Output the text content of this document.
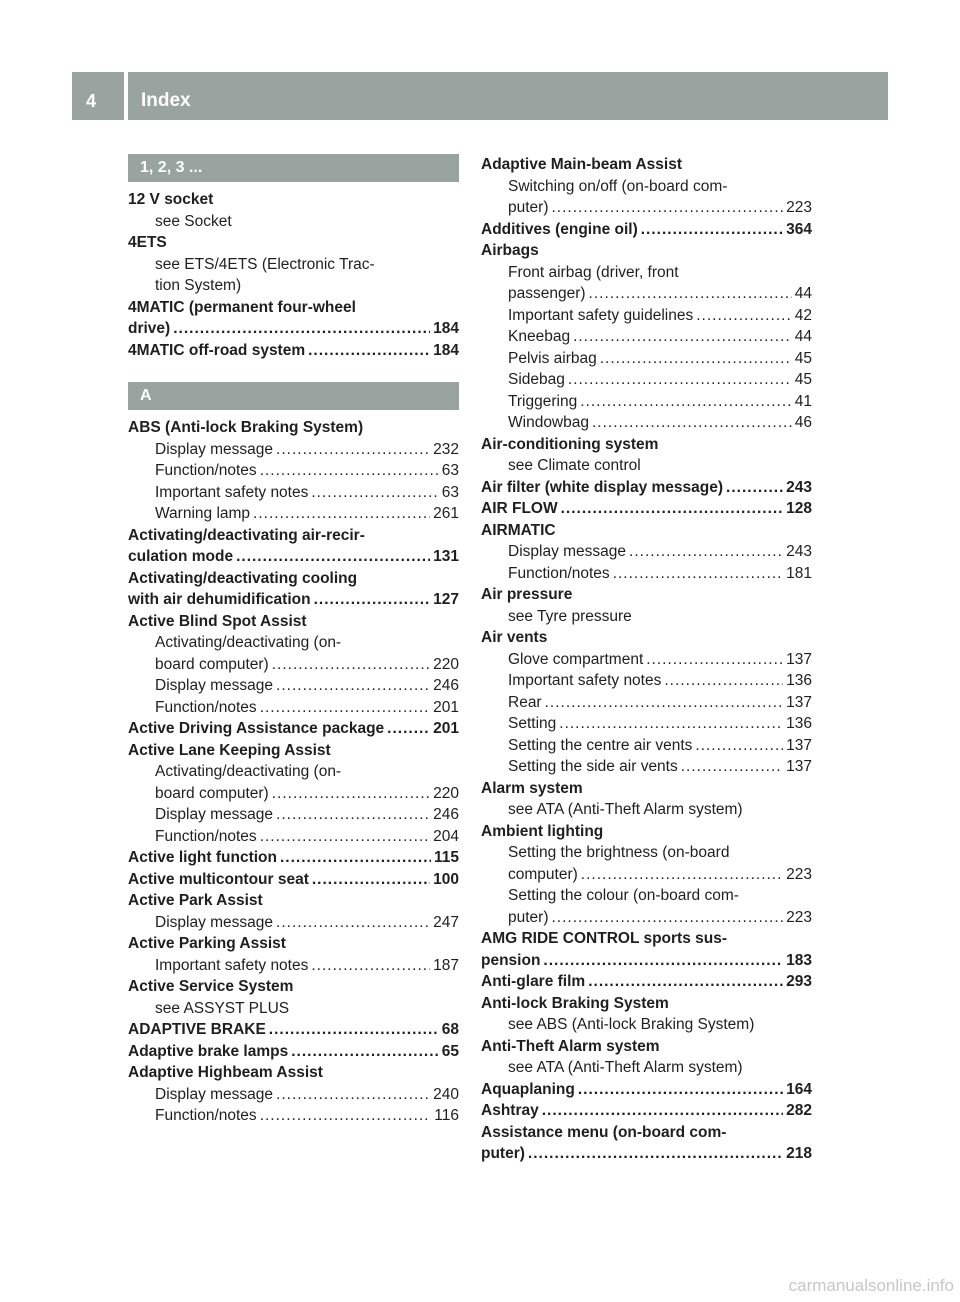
4	Index
1, 2, 3 ...
12 V socket
see Socket
4ETS
see ETS/4ETS (Electronic Trac-
tion System)
4MATIC (permanent four-wheel
drive) .....	184
4MATIC off-road system .....	184
A
ABS (Anti-lock Braking System)
Display message .....	232
Function/notes .....	63
Important safety notes .....	63
Warning lamp .....	261
Activating/deactivating air-recir-
culation mode .....	131
Activating/deactivating cooling
with air dehumidification .....	127
Active Blind Spot Assist
Activating/deactivating (on-
board computer) .....	220
Display message .....	246
Function/notes .....	201
Active Driving Assistance package .....	201
Active Lane Keeping Assist
Activating/deactivating (on-
board computer) .....	220
Display message .....	246
Function/notes .....	204
Active light function .....	115
Active multicontour seat .....	100
Active Park Assist
Display message .....	247
Active Parking Assist
Important safety notes .....	187
Active Service System
see ASSYST PLUS
ADAPTIVE BRAKE .....	68
Adaptive brake lamps .....	65
Adaptive Highbeam Assist
Display message .....	240
Function/notes .....	116
Adaptive Main-beam Assist
Switching on/off (on-board com-
puter) .....	223
Additives (engine oil) .....	364
Airbags
Front airbag (driver, front
passenger) .....	44
Important safety guidelines .....	42
Kneebag .....	44
Pelvis airbag .....	45
Sidebag .....	45
Triggering .....	41
Windowbag .....	46
Air-conditioning system
see Climate control
Air filter (white display message) .....	243
AIR FLOW .....	128
AIRMATIC
Display message .....	243
Function/notes .....	181
Air pressure
see Tyre pressure
Air vents
Glove compartment .....	137
Important safety notes .....	136
Rear .....	137
Setting .....	136
Setting the centre air vents .....	137
Setting the side air vents .....	137
Alarm system
see ATA (Anti-Theft Alarm system)
Ambient lighting
Setting the brightness (on-board
computer) .....	223
Setting the colour (on-board com-
puter) .....	223
AMG RIDE CONTROL sports sus-
pension .....	183
Anti-glare film .....	293
Anti-lock Braking System
see ABS (Anti-lock Braking System)
Anti-Theft Alarm system
see ATA (Anti-Theft Alarm system)
Aquaplaning .....	164
Ashtray .....	282
Assistance menu (on-board com-
puter) .....	218
carmanualsonline.info
